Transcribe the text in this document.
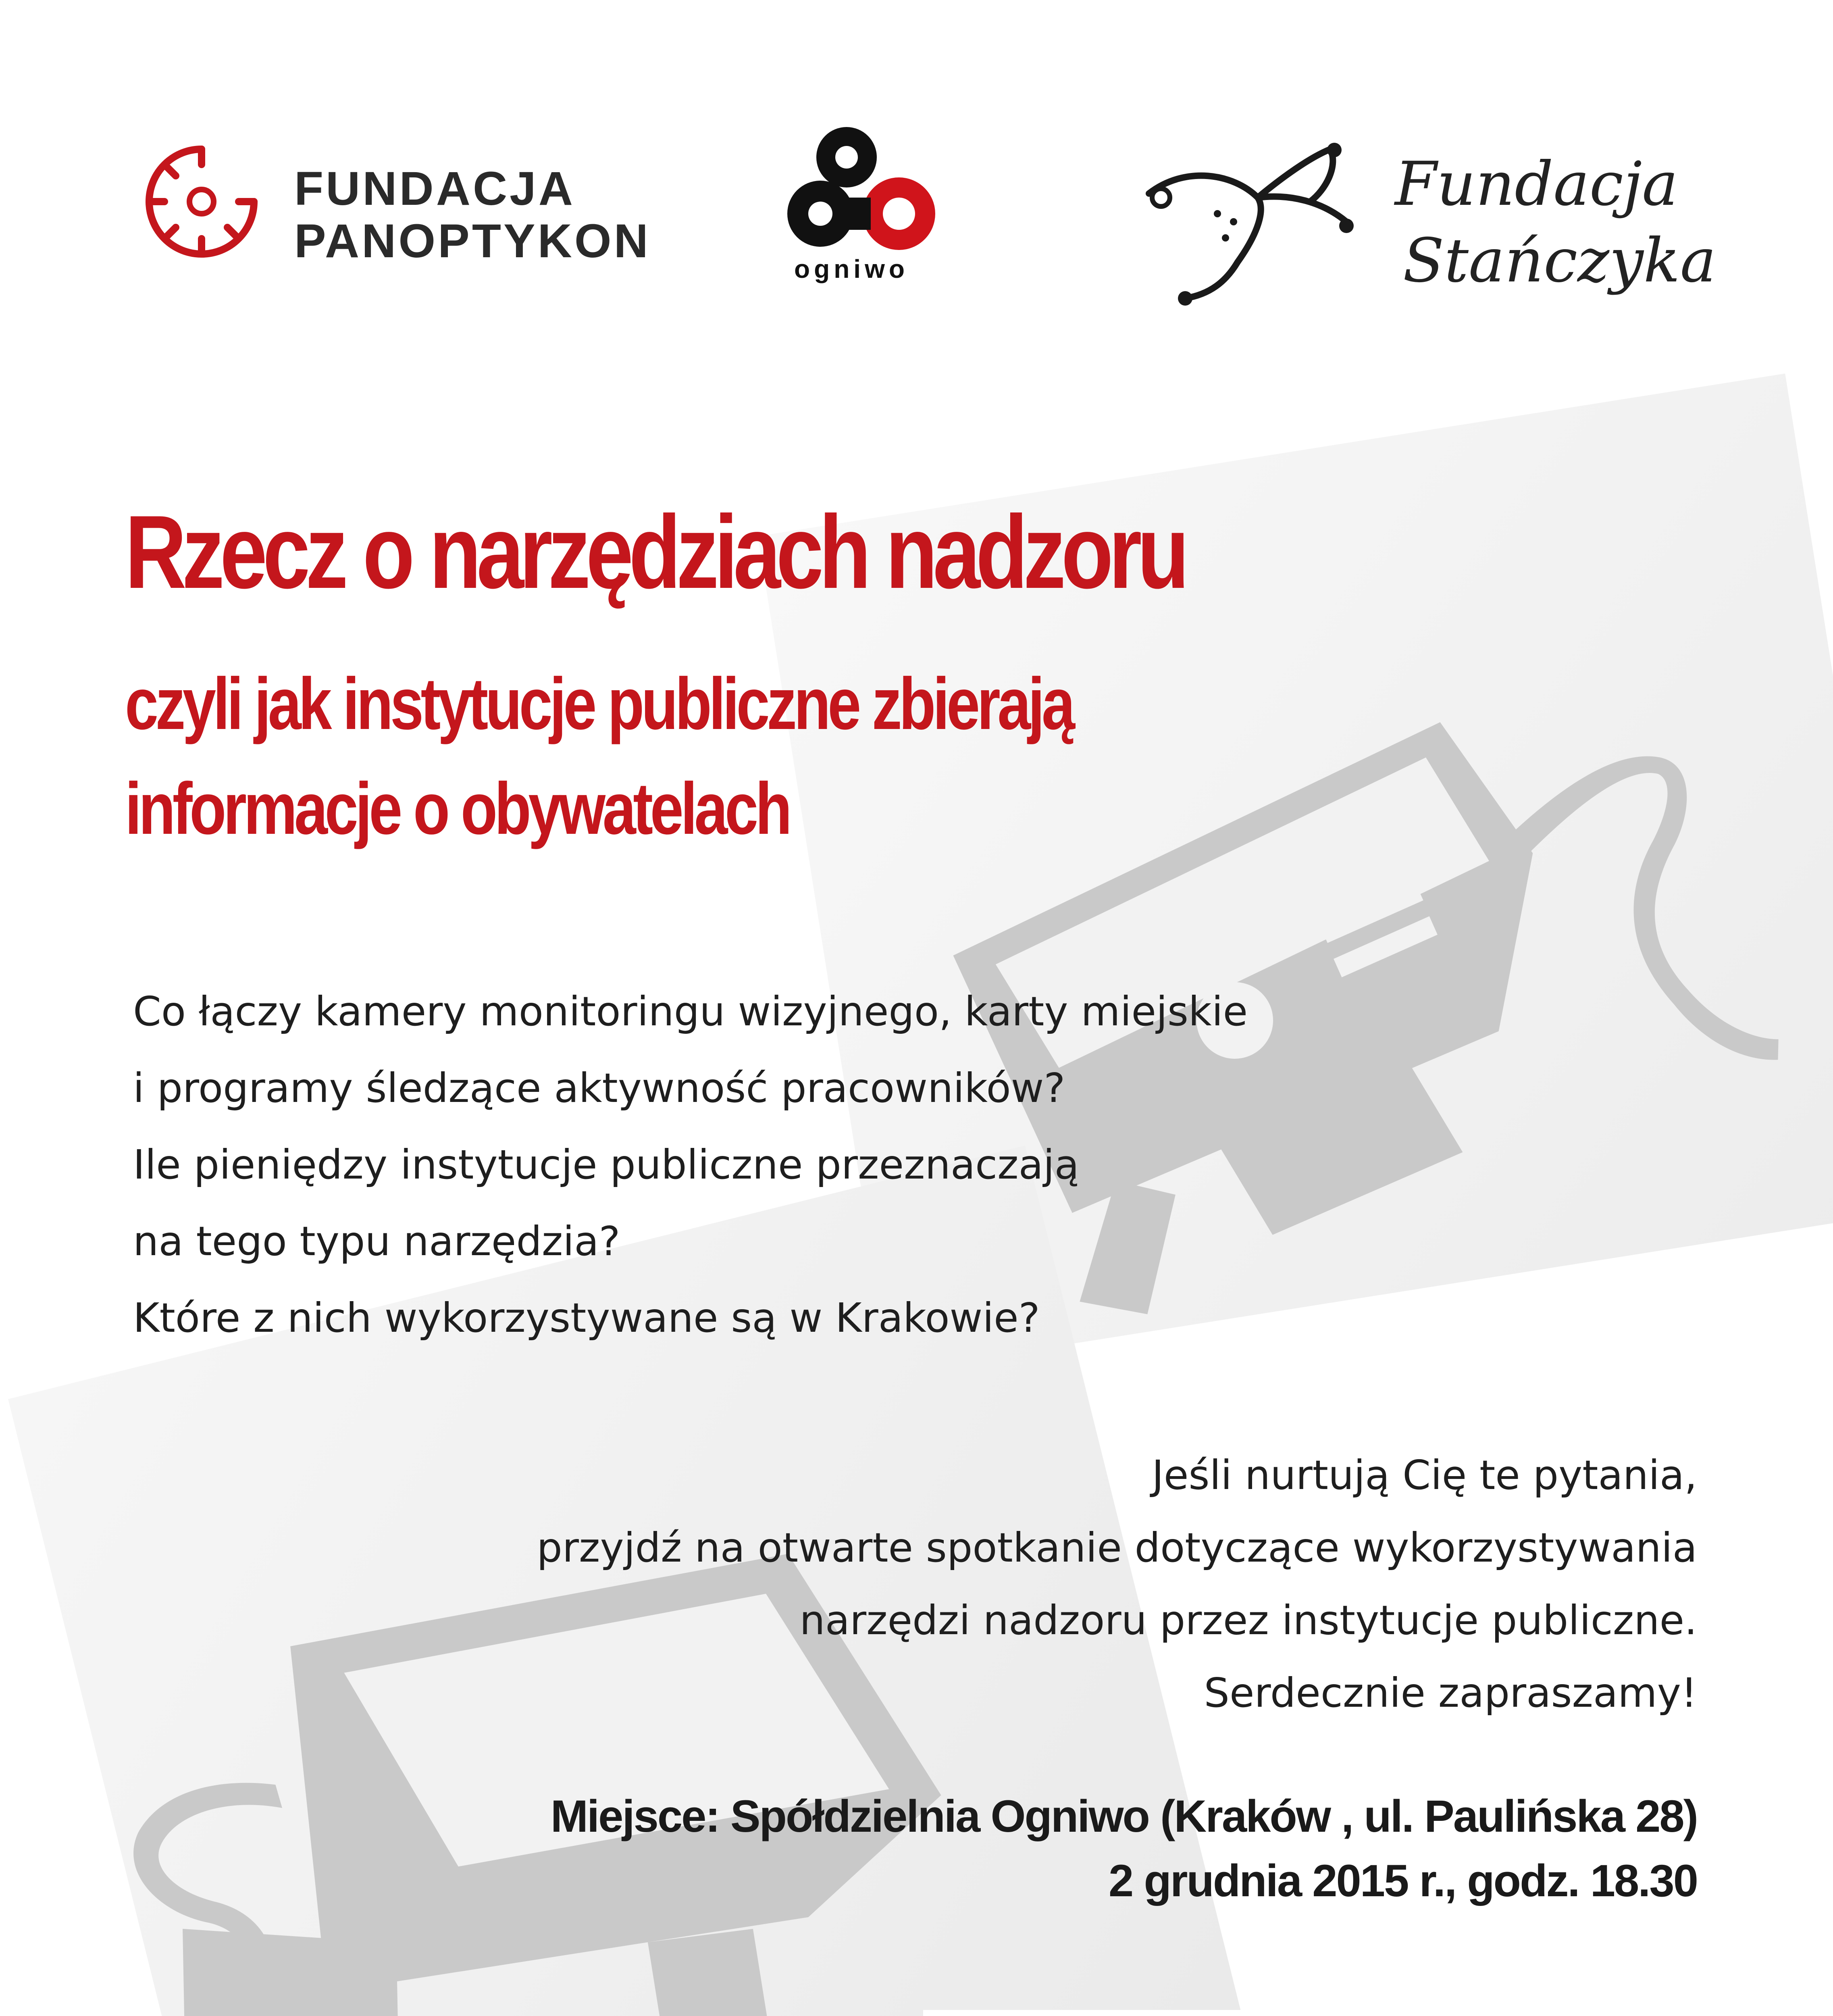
FUNDACJA
PANOPTYKON
ogniwo
Fundacja
Stańczyka
Rzecz o narzędziach nadzoru
czyli jak instytucje publiczne zbierają
informacje o obywatelach
Co łączy kamery monitoringu wizyjnego, karty miejskie
i programy śledzące aktywność pracowników?
Ile pieniędzy instytucje publiczne przeznaczają
na tego typu narzędzia?
Które z nich wykorzystywane są w Krakowie?
Jeśli nurtują Cię te pytania,
przyjdź na otwarte spotkanie dotyczące wykorzystywania
narzędzi nadzoru przez instytucje publiczne.
Serdecznie zapraszamy!
Miejsce: Spółdzielnia Ogniwo (Kraków , ul. Paulińska 28)
2 grudnia 2015 r., godz. 18.30
